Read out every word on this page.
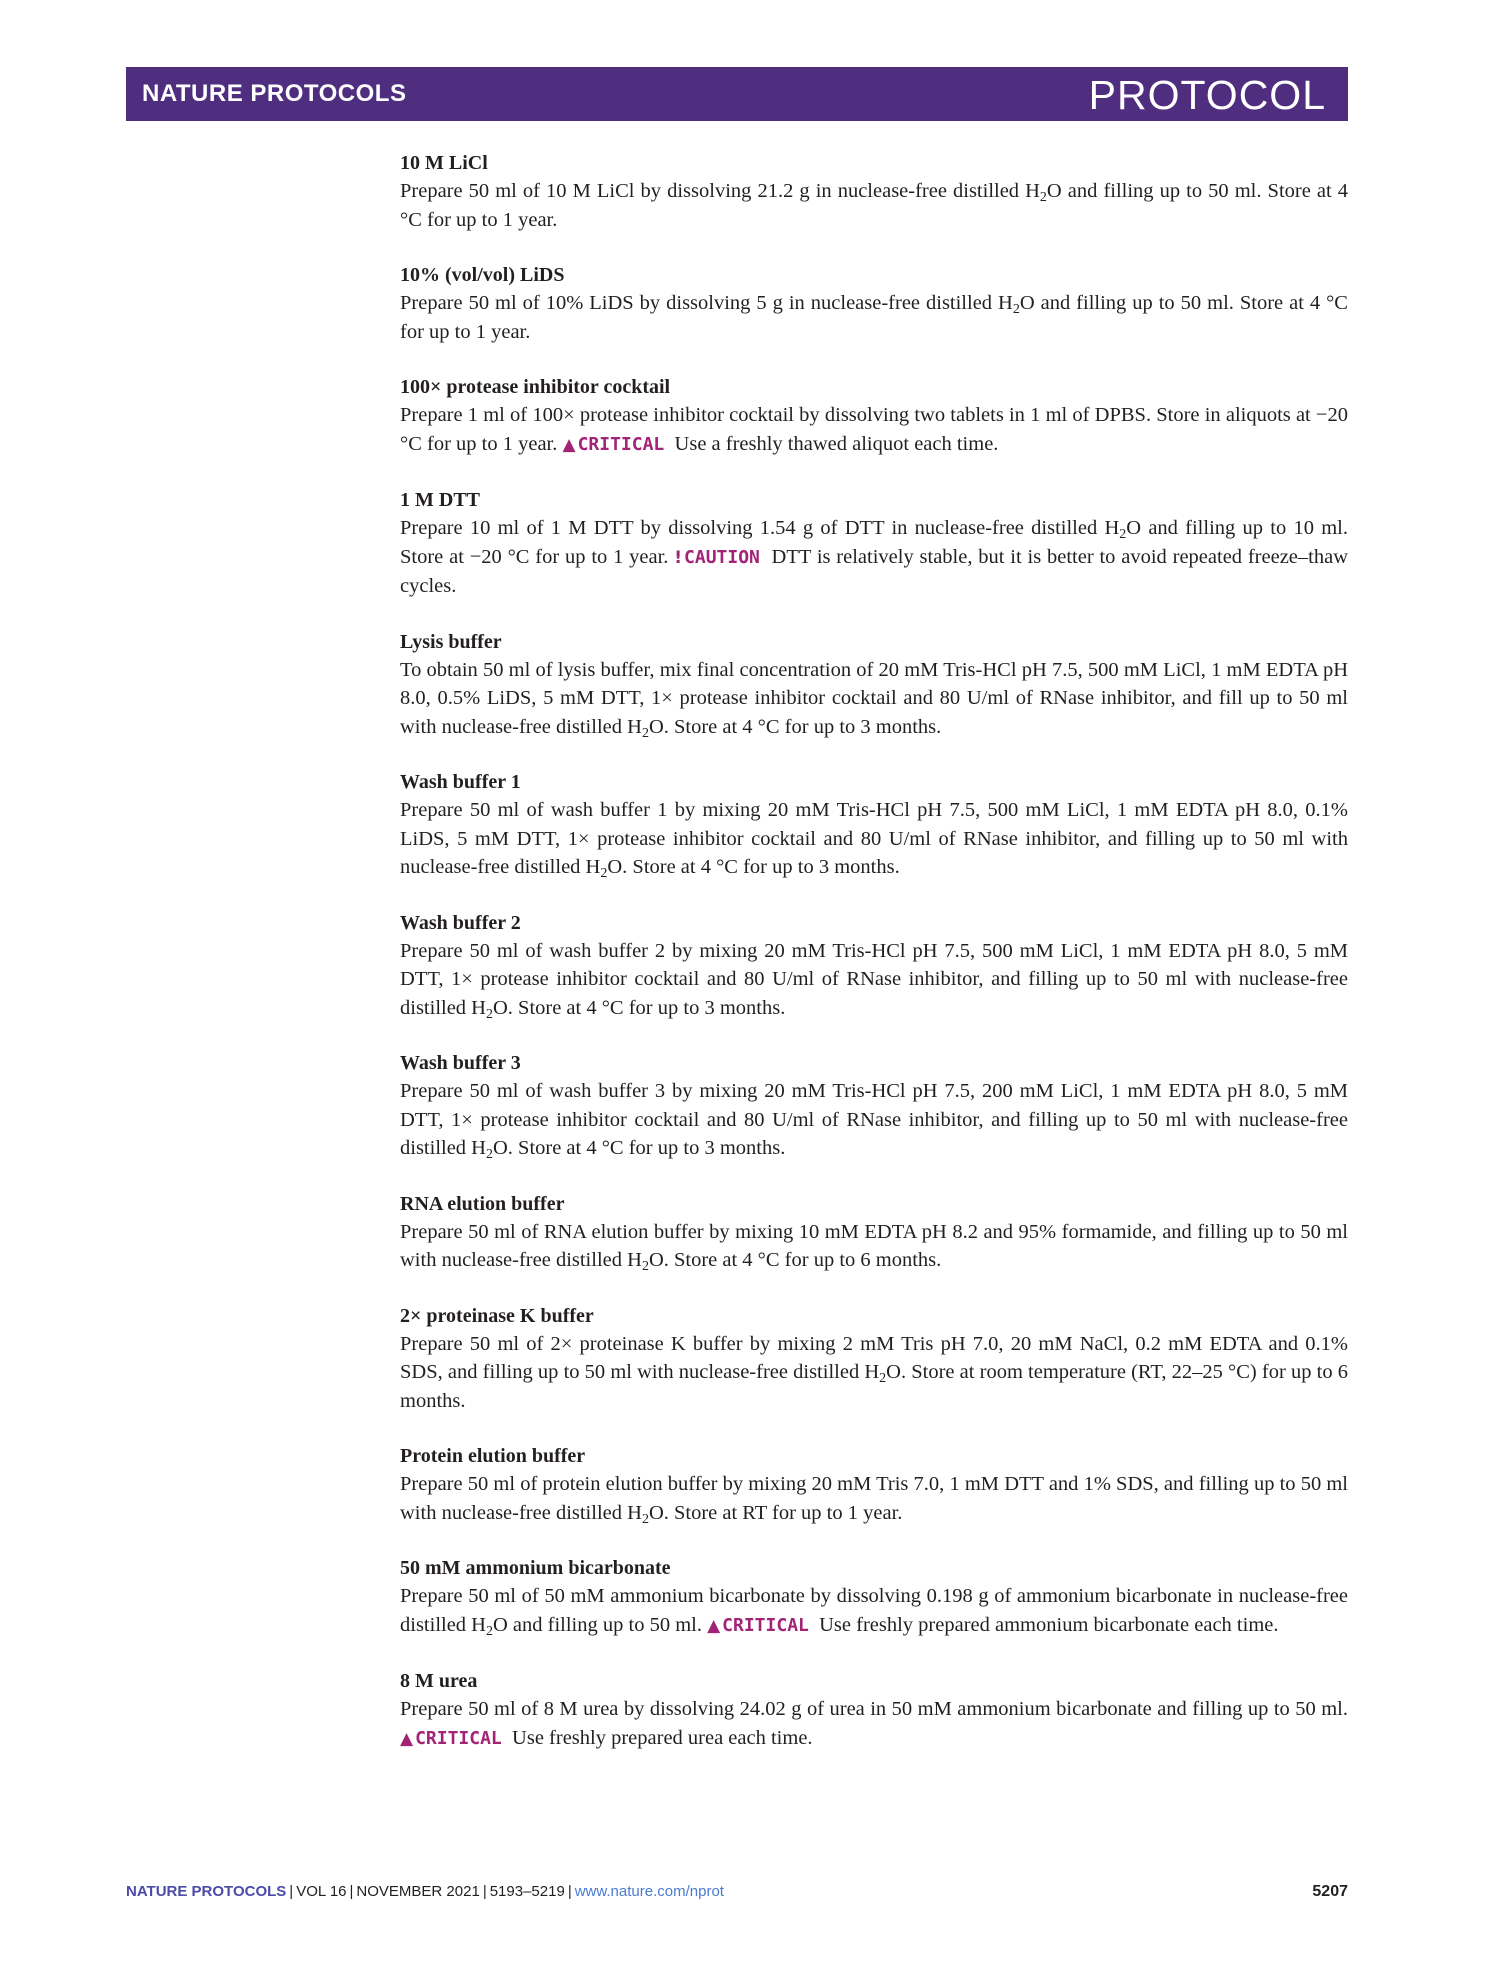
NATURE PROTOCOLS	PROTOCOL

10 M LiCl

Prepare 50 ml of 10 M LiCl by dissolving 21.2 g in nuclease-free distilled $H_2O$ and filling up to 50 ml. Store at 4 °C for up to 1 year.

10% (vol/vol) LiDS

Prepare 50 ml of 10% LiDS by dissolving 5 g in nuclease-free distilled $H_2O$ and filling up to 50 ml. Store at 4 °C for up to 1 year.

100× protease inhibitor cocktail

Prepare 1 ml of 100× protease inhibitor cocktail by dissolving two tablets in 1 ml of DPBS. Store in aliquots at −20 °C for up to 1 year. ▲ CRITICAL Use a freshly thawed aliquot each time.

1 M DTT

Prepare 10 ml of 1 M DTT by dissolving 1.54 g of DTT in nuclease-free distilled $H_2O$ and filling up to 10 ml. Store at −20 °C for up to 1 year. ! CAUTION DTT is relatively stable, but it is better to avoid repeated freeze–thaw cycles.

Lysis buffer

To obtain 50 ml of lysis buffer, mix final concentration of 20 mM Tris-HCl pH 7.5, 500 mM LiCl, 1 mM EDTA pH 8.0, 0.5% LiDS, 5 mM DTT, 1× protease inhibitor cocktail and 80 U/ml of RNase inhibitor, and fill up to 50 ml with nuclease-free distilled $H_2O$. Store at 4 °C for up to 3 months.

Wash buffer 1

Prepare 50 ml of wash buffer 1 by mixing 20 mM Tris-HCl pH 7.5, 500 mM LiCl, 1 mM EDTA pH 8.0, 0.1% LiDS, 5 mM DTT, 1× protease inhibitor cocktail and 80 U/ml of RNase inhibitor, and filling up to 50 ml with nuclease-free distilled $H_2O$. Store at 4 °C for up to 3 months.

Wash buffer 2

Prepare 50 ml of wash buffer 2 by mixing 20 mM Tris-HCl pH 7.5, 500 mM LiCl, 1 mM EDTA pH 8.0, 5 mM DTT, 1× protease inhibitor cocktail and 80 U/ml of RNase inhibitor, and filling up to 50 ml with nuclease-free distilled $H_2O$. Store at 4 °C for up to 3 months.

Wash buffer 3

Prepare 50 ml of wash buffer 3 by mixing 20 mM Tris-HCl pH 7.5, 200 mM LiCl, 1 mM EDTA pH 8.0, 5 mM DTT, 1× protease inhibitor cocktail and 80 U/ml of RNase inhibitor, and filling up to 50 ml with nuclease-free distilled $H_2O$. Store at 4 °C for up to 3 months.

RNA elution buffer

Prepare 50 ml of RNA elution buffer by mixing 10 mM EDTA pH 8.2 and 95% formamide, and filling up to 50 ml with nuclease-free distilled $H_2O$. Store at 4 °C for up to 6 months.

2× proteinase K buffer

Prepare 50 ml of 2× proteinase K buffer by mixing 2 mM Tris pH 7.0, 20 mM NaCl, 0.2 mM EDTA and 0.1% SDS, and filling up to 50 ml with nuclease-free distilled $H_2O$. Store at room temperature (RT, 22–25 °C) for up to 6 months.

Protein elution buffer

Prepare 50 ml of protein elution buffer by mixing 20 mM Tris 7.0, 1 mM DTT and 1% SDS, and filling up to 50 ml with nuclease-free distilled $H_2O$. Store at RT for up to 1 year.

50 mM ammonium bicarbonate

Prepare 50 ml of 50 mM ammonium bicarbonate by dissolving 0.198 g of ammonium bicarbonate in nuclease-free distilled $H_2O$ and filling up to 50 ml. ▲ CRITICAL Use freshly prepared ammonium bicarbonate each time.

8 M urea

Prepare 50 ml of 8 M urea by dissolving 24.02 g of urea in 50 mM ammonium bicarbonate and filling up to 50 ml. ▲ CRITICAL Use freshly prepared urea each time.

NATURE PROTOCOLS | VOL 16 | NOVEMBER 2021 | 5193–5219 | www.nature.com/nprot	5207
